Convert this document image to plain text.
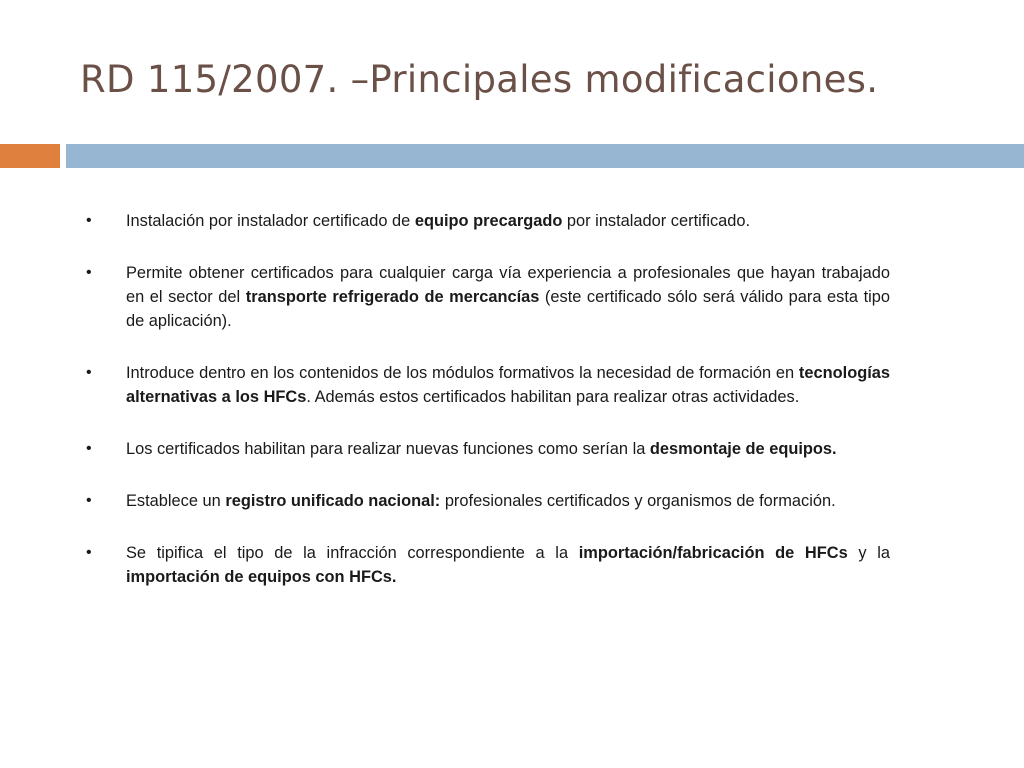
RD 115/2007. –Principales modificaciones.
• Instalación por instalador certificado de equipo precargado por instalador certificado.
• Permite obtener certificados para cualquier carga vía experiencia a profesionales que hayan trabajado en el sector del transporte refrigerado de mercancías (este certificado sólo será válido para esta tipo de aplicación).
• Introduce dentro en los contenidos de los módulos formativos la necesidad de formación en tecnologías alternativas a los HFCs. Además estos certificados habilitan para realizar otras actividades.
• Los certificados habilitan para realizar nuevas funciones como serían la desmontaje de equipos.
• Establece un registro unificado nacional: profesionales certificados y organismos de formación.
• Se tipifica el tipo de la infracción correspondiente a la importación/fabricación de HFCs y la importación de equipos con HFCs.
